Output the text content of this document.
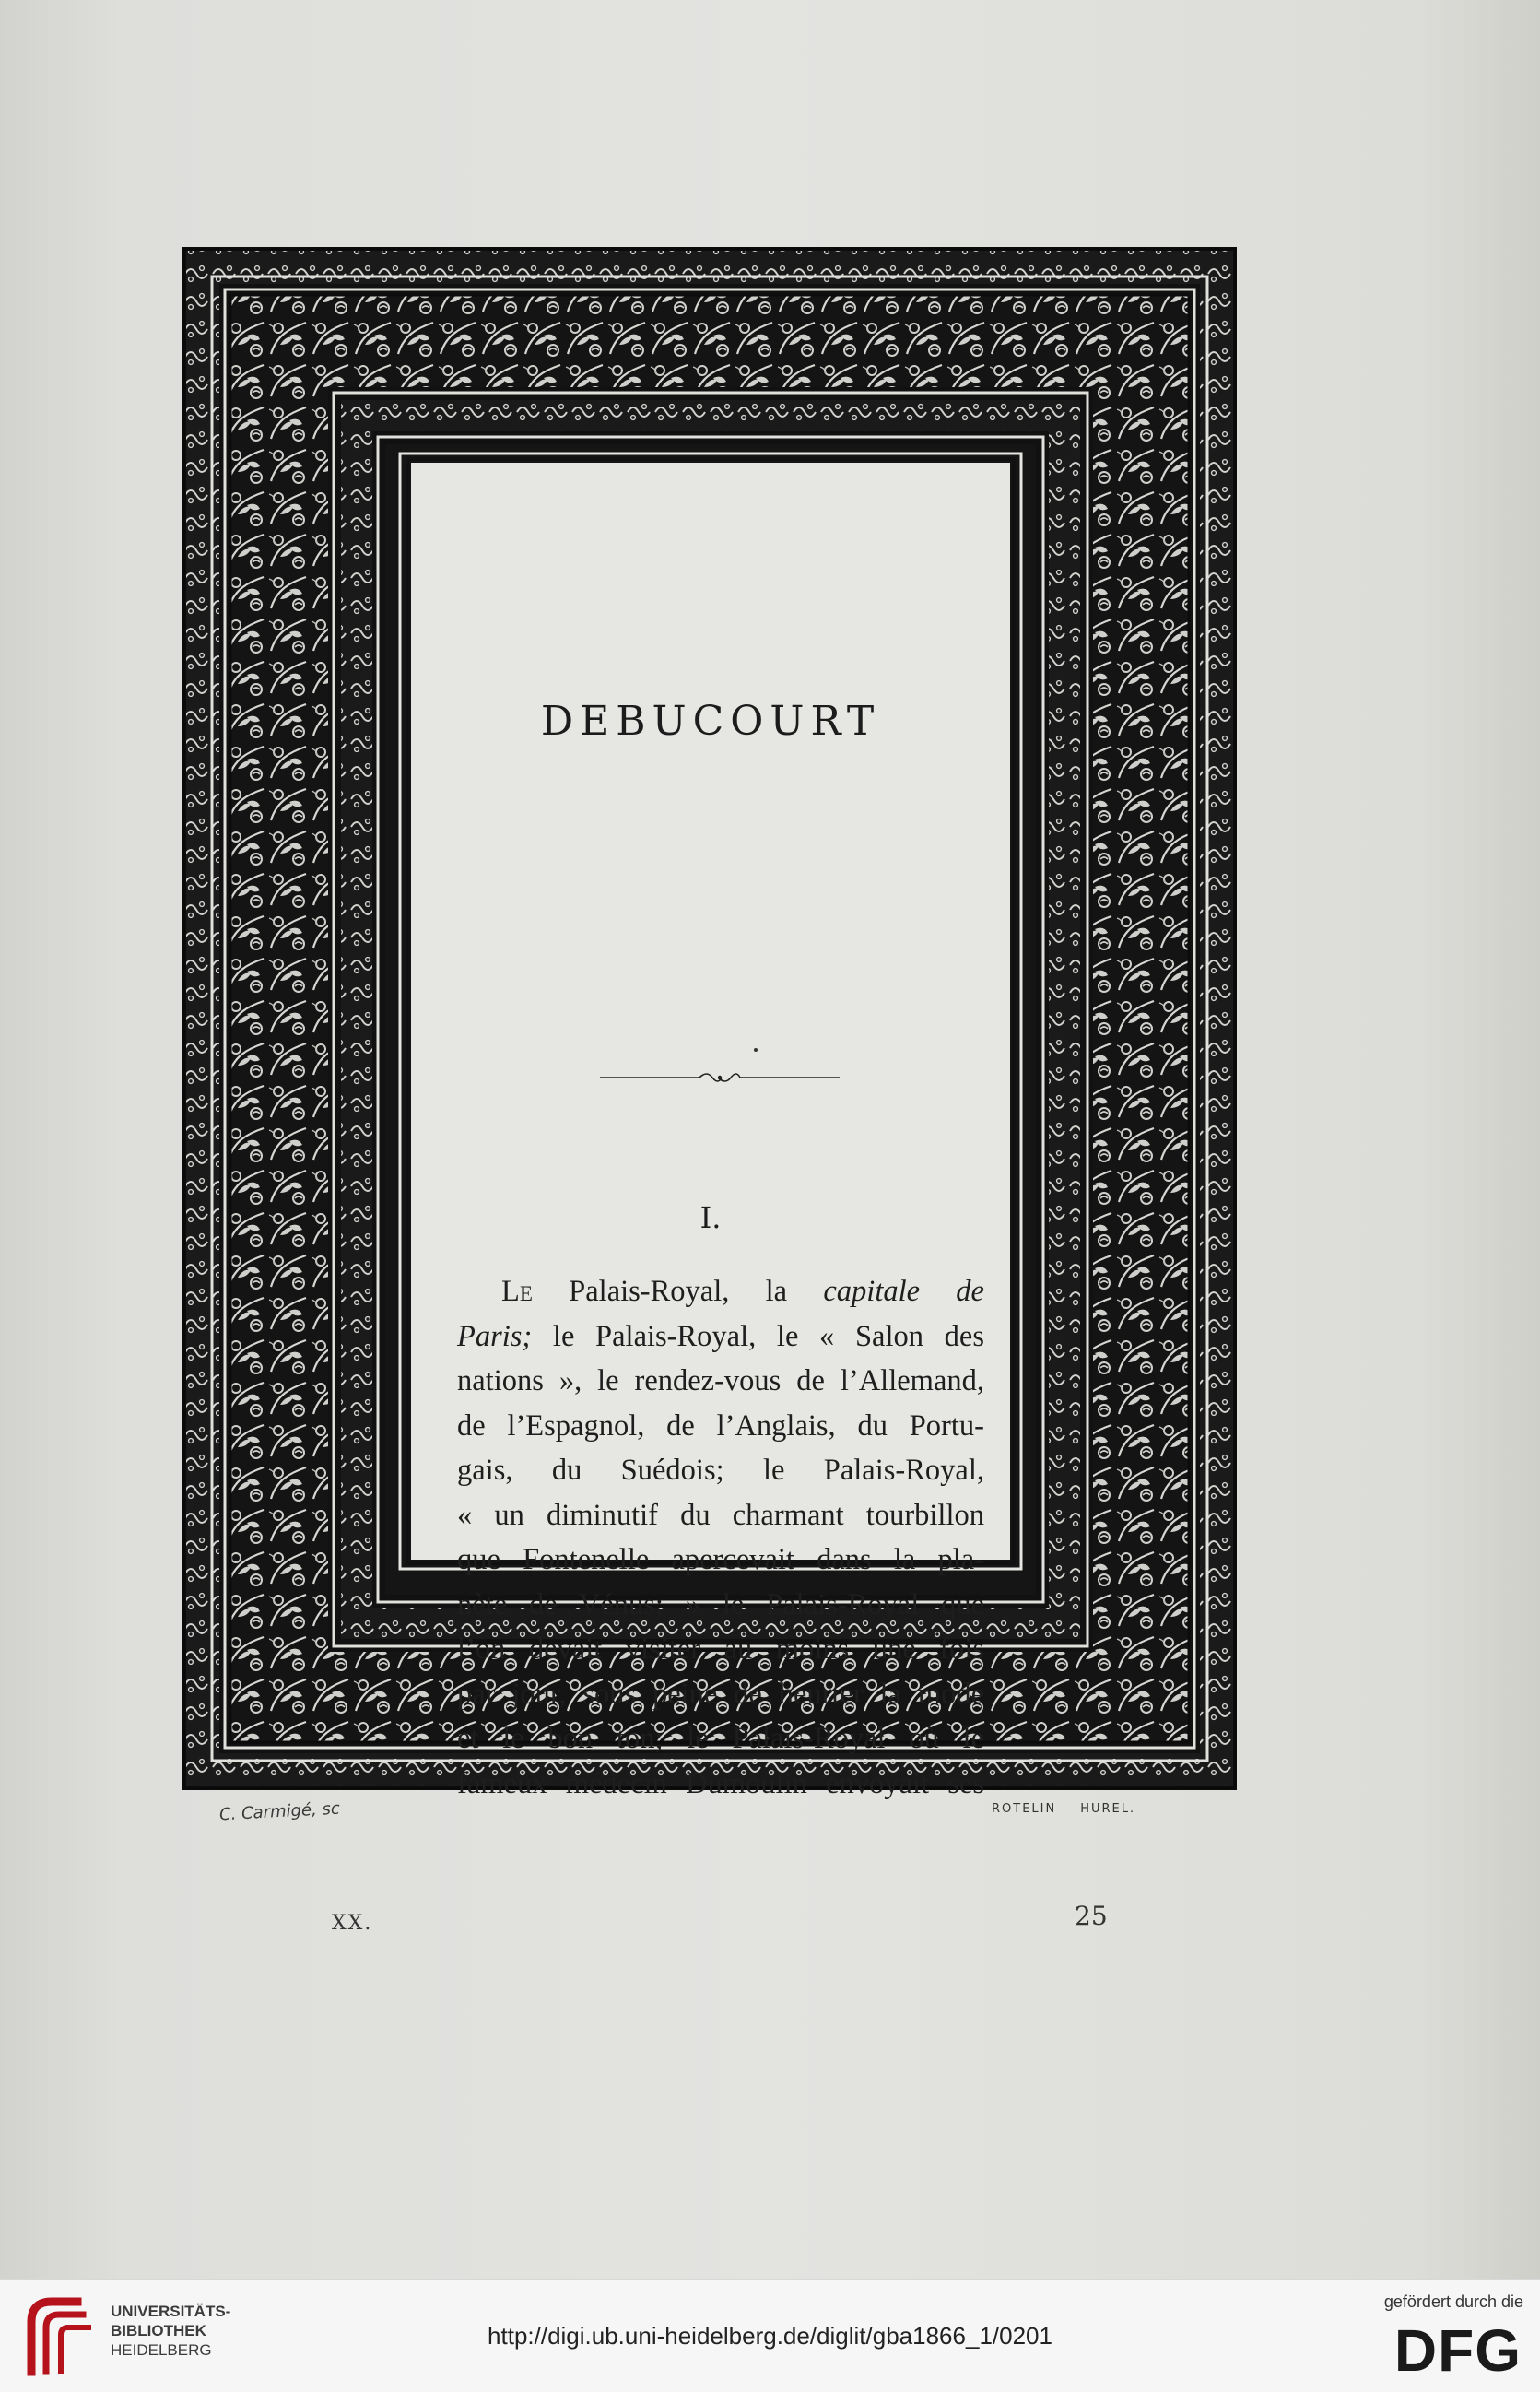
DEBUCOURT
I.
Le Palais-Royal, la capitale de
Paris; le Palais-Royal, le « Salon des
nations », le rendez-vous de l’Allemand,
de l’Espagnol, de l’Anglais, du Portu-
gais, du Suédois; le Palais-Royal,
« un diminutif du charmant tourbillon
que Fontenelle apercevait dans la pla-
nète de Vénus; » le Palais-Royal que
l’on devait visiter au moins une fois
par jour, sous peine de heurter la mode
et le bon ton; le Palais-Royal où le
fameux médecin Dumoulin envoyait ses
C. Carmigé, sc	ROTELIN HUREL.
XX.	25
UNIVERSITÄTS-
BIBLIOTHEK
HEIDELBERG
http://digi.ub.uni-heidelberg.de/diglit/gba1866_1/0201
gefördert durch die
DFG
